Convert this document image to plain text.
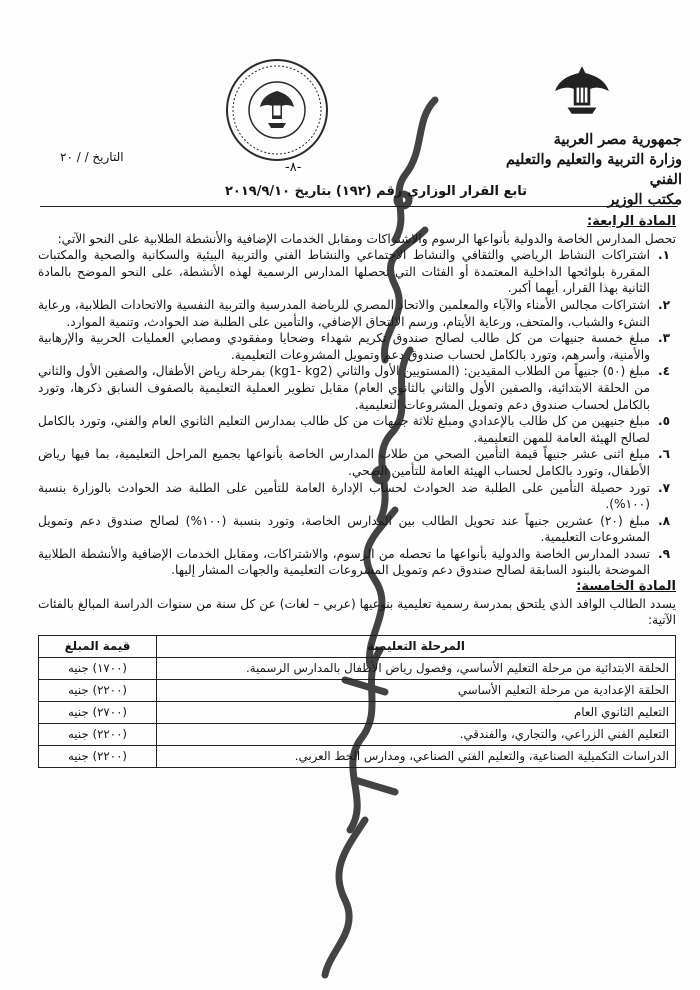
جمهورية مصر العربية
وزارة التربية والتعليم والتعليم الفني
مكتب الوزير
التاريخ / / ٢٠
-٨-
تابع القرار الوزاري رقم (١٩٢) بتاريخ ٢٠١٩/٩/١٠

المادة الرابعة:

تحصل المدارس الخاصة والدولية بأنواعها الرسوم والاشتراكات ومقابل الخدمات الإضافية والأنشطة الطلابية على النحو الآتي:

١.
اشتراكات النشاط الرياضي والثقافي والنشاط الاجتماعي والنشاط الفني والتربية البيئية والسكانية والصحية والمكتبات المقررة بلوائحها الداخلية المعتمدة أو الفئات التي تحصلها المدارس الرسمية لهذه الأنشطة، على النحو الموضح بالمادة الثانية بهذا القرار، أيهما أكبر.
٢.
اشتراكات مجالس الأمناء والآباء والمعلمين والاتحاد المصري للرياضة المدرسية والتربية النفسية والاتحادات الطلابية، ورعاية النشء والشباب، والمتحف، ورعاية الأيتام، ورسم الالتحاق الإضافي، والتأمين على الطلبة ضد الحوادث، وتنمية الموارد.
٣.
مبلغ خمسة جنيهات من كل طالب لصالح صندوق تكريم شهداء وضحايا ومفقودي ومصابي العمليات الحربية والإرهابية والأمنية، وأسرهم، وتورد بالكامل لحساب صندوق دعم وتمويل المشروعات التعليمية.
٤.
مبلغ (٥٠) جنيهاً من الطلاب المقيدين: (المستويين الأول والثاني (kg1- kg2) بمرحلة رياض الأطفال، والصفين الأول والثاني من الحلقة الابتدائية، والصفين الأول والثاني بالثانوي العام) مقابل تطوير العملية التعليمية بالصفوف السابق ذكرها، وتورد بالكامل لحساب صندوق دعم وتمويل المشروعات التعليمية.
٥.
مبلغ جنيهين من كل طالب بالإعدادي ومبلغ ثلاثة جنيهات من كل طالب بمدارس التعليم الثانوي العام والفني، وتورد بالكامل لصالح الهيئة العامة للمهن التعليمية.
٦.
مبلغ اثنى عشر جنيهاً قيمة التأمين الصحي من طلاب المدارس الخاصة بأنواعها بجميع المراحل التعليمية، بما فيها رياض الأطفال، وتورد بالكامل لحساب الهيئة العامة للتأمين الصحي.
٧.
تورد حصيلة التأمين على الطلبة ضد الحوادث لحساب الإدارة العامة للتأمين على الطلبة ضد الحوادث بالوزارة بنسبة (١٠٠%).
٨.
مبلغ (٢٠) عشرين جنيهاً عند تحويل الطالب بين المدارس الخاصة، وتورد بنسبة (١٠٠%) لصالح صندوق دعم وتمويل المشروعات التعليمية.
٩.
تسدد المدارس الخاصة والدولية بأنواعها ما تحصله من الرسوم، والاشتراكات، ومقابل الخدمات الإضافية والأنشطة الطلابية الموضحة بالبنود السابقة لصالح صندوق دعم وتمويل المشروعات التعليمية والجهات المشار إليها.

المادة الخامسة:

يسدد الطالب الوافد الذي يلتحق بمدرسة رسمية تعليمية بنوعيها (عربي – لغات) عن كل سنة من سنوات الدراسة المبالغ بالفئات الآتية:

المرحلة التعليمية	قيمة المبلغ
الحلقة الابتدائية من مرحلة التعليم الأساسي، وفصول رياض الأطفال بالمدارس الرسمية.	(١٧٠٠) جنيه
الحلقة الإعدادية من مرحلة التعليم الأساسي	(٢٢٠٠) جنيه
التعليم الثانوي العام	(٢٧٠٠) جنيه
التعليم الفني الزراعي، والتجاري، والفندقي.	(٢٢٠٠) جنيه
الدراسات التكميلية الصناعية، والتعليم الفني الصناعي، ومدارس الخط العربي.	(٢٢٠٠) جنيه
